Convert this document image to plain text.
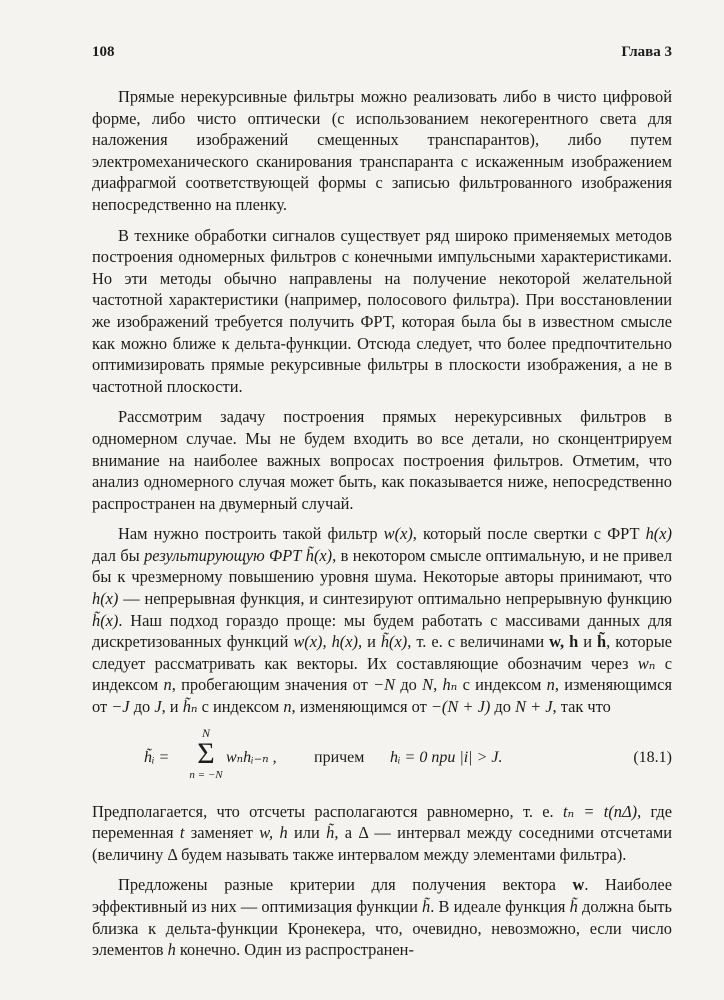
108	Глава 3

Прямые нерекурсивные фильтры можно реализовать либо в чисто цифровой форме, либо чисто оптически (с использованием некогерентного света для наложения изображений смещенных транспарантов), либо путем электромеханического сканирования транспаранта с искаженным изображением диафрагмой соответствующей формы с записью фильтрованного изображения непосредственно на пленку.

В технике обработки сигналов существует ряд широко применяемых методов построения одномерных фильтров с конечными импульсными характеристиками. Но эти методы обычно направлены на получение некоторой желательной частотной характеристики (например, полосового фильтра). При восстановлении же изображений требуется получить ФРТ, которая была бы в известном смысле как можно ближе к дельта-функции. Отсюда следует, что более предпочтительно оптимизировать прямые рекурсивные фильтры в плоскости изображения, а не в частотной плоскости.

Рассмотрим задачу построения прямых нерекурсивных фильтров в одномерном случае. Мы не будем входить во все детали, но сконцентрируем внимание на наиболее важных вопросах построения фильтров. Отметим, что анализ одномерного случая может быть, как показывается ниже, непосредственно распространен на двумерный случай.

Нам нужно построить такой фильтр w(x), который после свертки с ФРТ h(x) дал бы результирующую ФРТ h̃(x), в некотором смысле оптимальную, и не привел бы к чрезмерному повышению уровня шума. Некоторые авторы принимают, что h(x) — непрерывная функция, и синтезируют оптимально непрерывную функцию h̃(x). Наш подход гораздо проще: мы будем работать с массивами данных для дискретизованных функций w(x), h(x), и h̃(x), т. е. с величинами w, h и h̃, которые следует рассматривать как векторы. Их составляющие обозначим через wₙ с индексом n, пробегающим значения от −N до N, hₙ с индексом n, изменяющимся от −J до J, и h̃ₙ с индексом n, изменяющимся от −(N + J) до N + J, так что

h̃ᵢ =
N
Σ
n = −N
wₙhᵢ₋ₙ , причем hᵢ = 0 при |i| > J.	(18.1)

Предполагается, что отсчеты располагаются равномерно, т. е. tₙ = t(nΔ), где переменная t заменяет w, h или h̃, а Δ — интервал между соседними отсчетами (величину Δ будем называть также интервалом между элементами фильтра).

Предложены разные критерии для получения вектора w. Наиболее эффективный из них — оптимизация функции h̃. В идеале функция h̃ должна быть близка к дельта-функции Кронекера, что, очевидно, невозможно, если число элементов h конечно. Один из распространен-
